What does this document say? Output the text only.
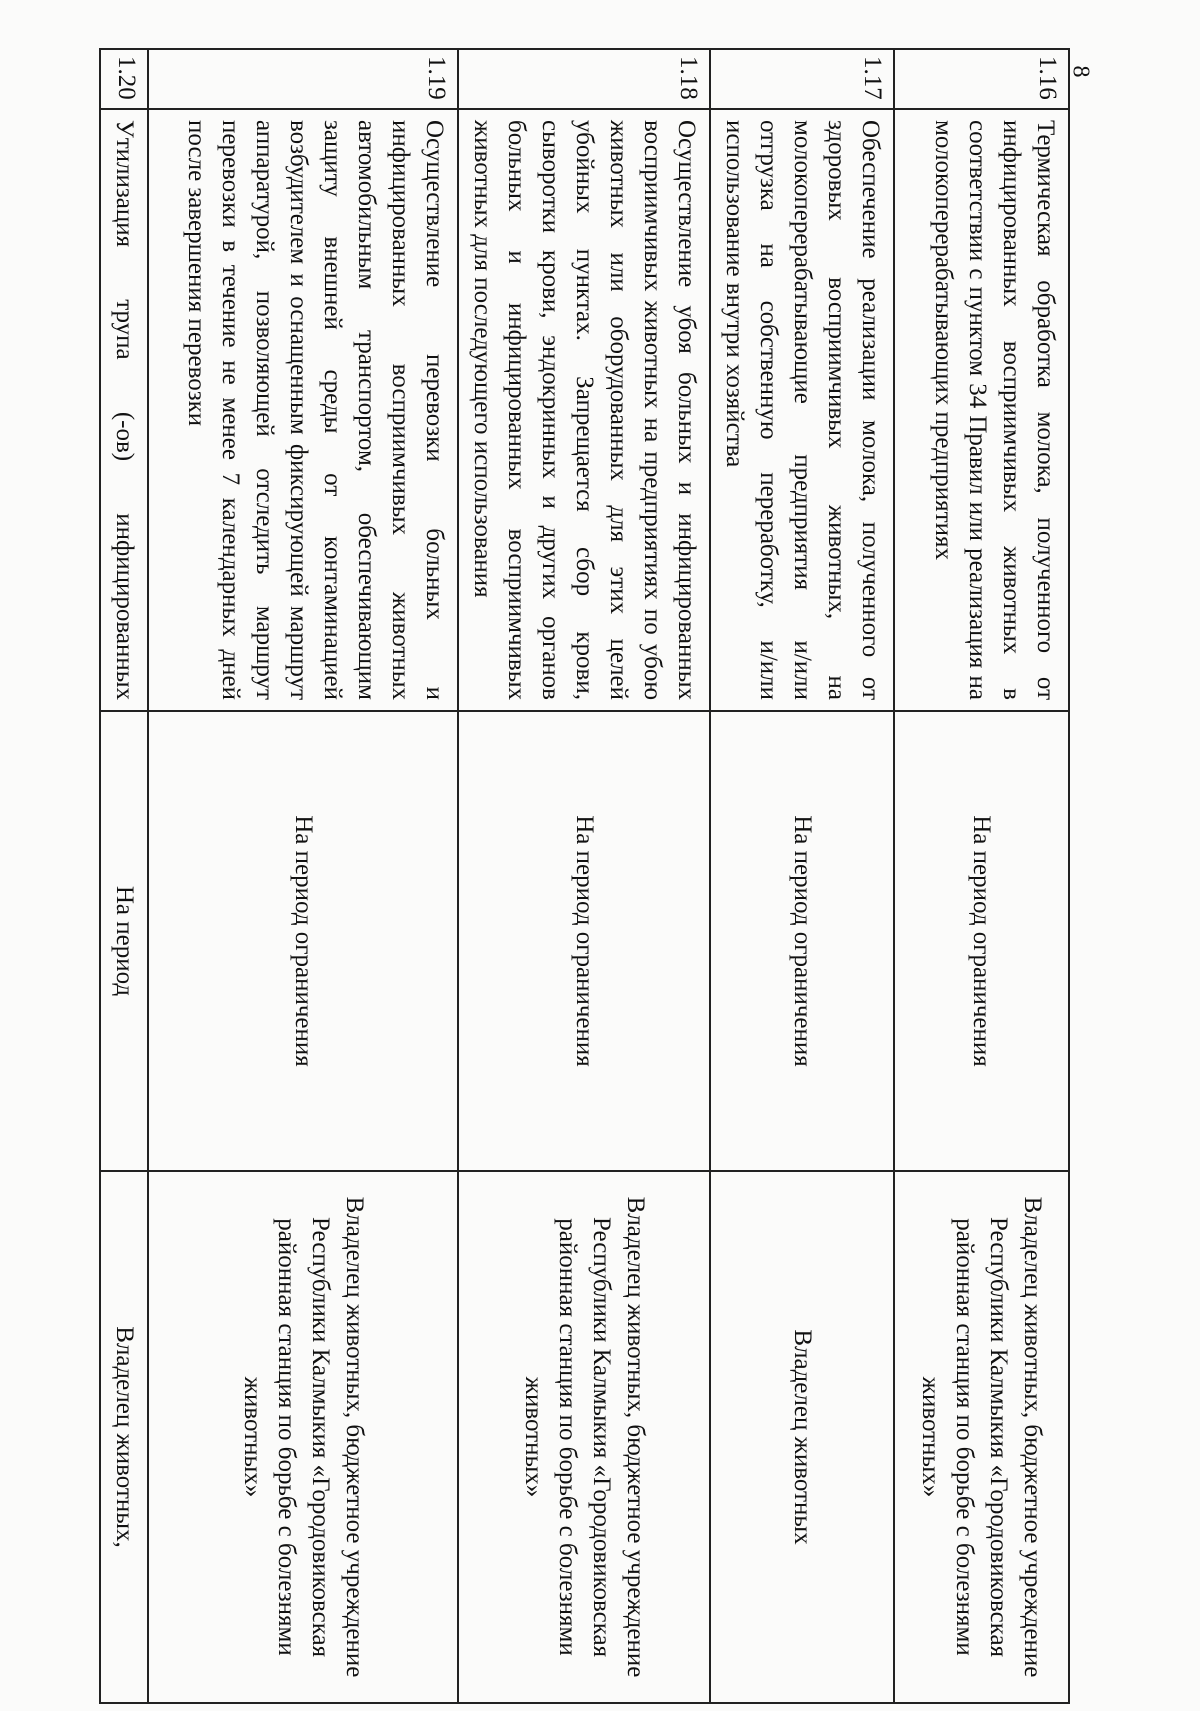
1.16	Термическая обработка молока, полученного от инфицированных восприимчивых животных в соответствии с пунктом 34 Правил или реализация на молокоперерабатывающих предприятиях	На период ограничения	Владелец животных, бюджетное учреждение Республики Калмыкия «Городовиковская районная станция по борьбе с болезнями животных»
1.17	Обеспечение реализации молока, полученного от здоровых восприимчивых животных, на молокоперерабатывающие предприятия и/или отгрузка на собственную переработку, и/или использование внутри хозяйства	На период ограничения	Владелец животных
1.18	Осуществление убоя больных и инфицированных восприимчивых животных на предприятиях по убою животных или оборудованных для этих целей убойных пунктах. Запрещается сбор крови, сыворотки крови, эндокринных и других органов больных и инфицированных восприимчивых животных для последующего использования	На период ограничения	Владелец животных, бюджетное учреждение Республики Калмыкия «Городовиковская районная станция по борьбе с болезнями животных»
1.19	Осуществление перевозки больных и инфицированных восприимчивых животных автомобильным транспортом, обеспечивающим защиту внешней среды от контаминацией возбудителем и оснащенным фиксирующей маршрут аппаратурой, позволяющей отследить маршрут перевозки в течение не менее 7 календарных дней после завершения перевозки	На период ограничения	Владелец животных, бюджетное учреждение Республики Калмыкия «Городовиковская районная станция по борьбе с болезнями животных»
1.20	Утилизация трупа (-ов) инфицированных	На период	Владелец животных,
8
